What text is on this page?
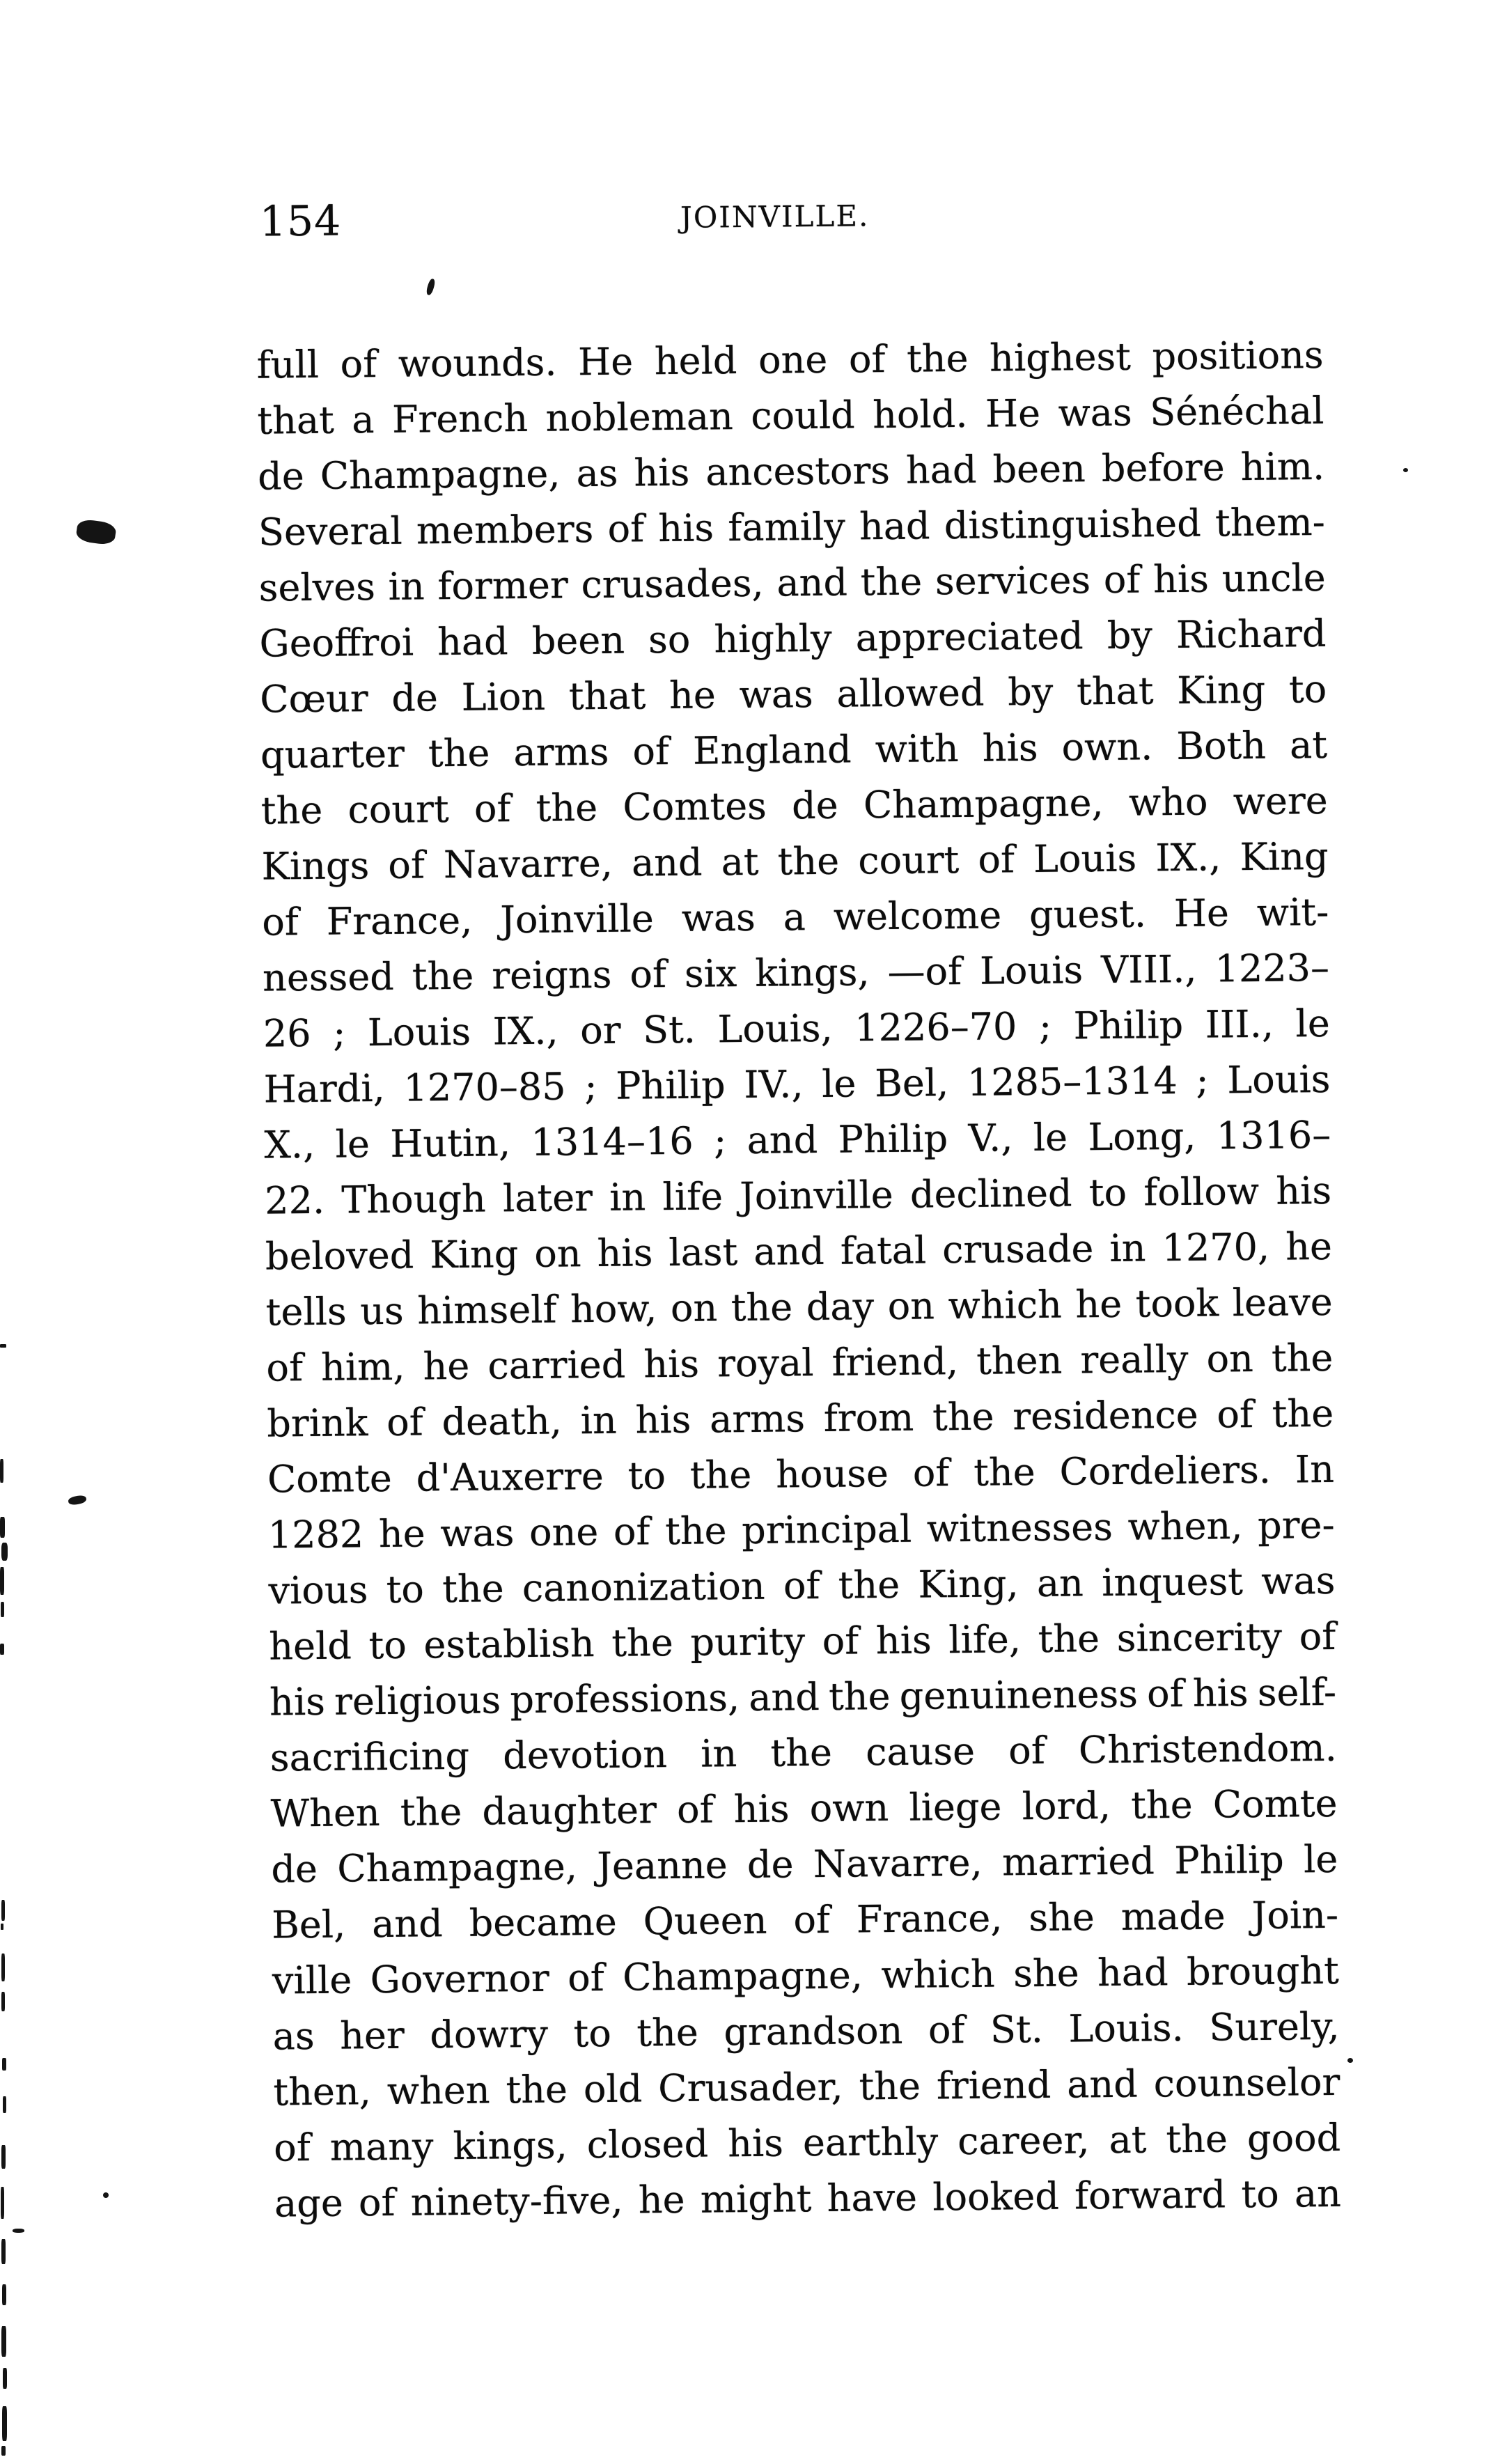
154	JOINVILLE.
full of wounds. He held one of the highest positions
that a French nobleman could hold. He was Sénéchal
de Champagne, as his ancestors had been before him.
Several members of his family had distinguished them-
selves in former crusades, and the services of his uncle
Geoffroi had been so highly appreciated by Richard
Cœur de Lion that he was allowed by that King to
quarter the arms of England with his own. Both at
the court of the Comtes de Champagne, who were
Kings of Navarre, and at the court of Louis IX., King
of France, Joinville was a welcome guest. He wit-
nessed the reigns of six kings, —of Louis VIII., 1223–
26 ; Louis IX., or St. Louis, 1226–70 ; Philip III., le
Hardi, 1270–85 ; Philip IV., le Bel, 1285–1314 ; Louis
X., le Hutin, 1314–16 ; and Philip V., le Long, 1316–
22. Though later in life Joinville declined to follow his
beloved King on his last and fatal crusade in 1270, he
tells us himself how, on the day on which he took leave
of him, he carried his royal friend, then really on the
brink of death, in his arms from the residence of the
Comte d'Auxerre to the house of the Cordeliers. In
1282 he was one of the principal witnesses when, pre-
vious to the canonization of the King, an inquest was
held to establish the purity of his life, the sincerity of
his religious professions, and the genuineness of his self-
sacrificing devotion in the cause of Christendom.
When the daughter of his own liege lord, the Comte
de Champagne, Jeanne de Navarre, married Philip le
Bel, and became Queen of France, she made Join-
ville Governor of Champagne, which she had brought
as her dowry to the grandson of St. Louis. Surely,
then, when the old Crusader, the friend and counselor
of many kings, closed his earthly career, at the good
age of ninety-five, he might have looked forward to an
